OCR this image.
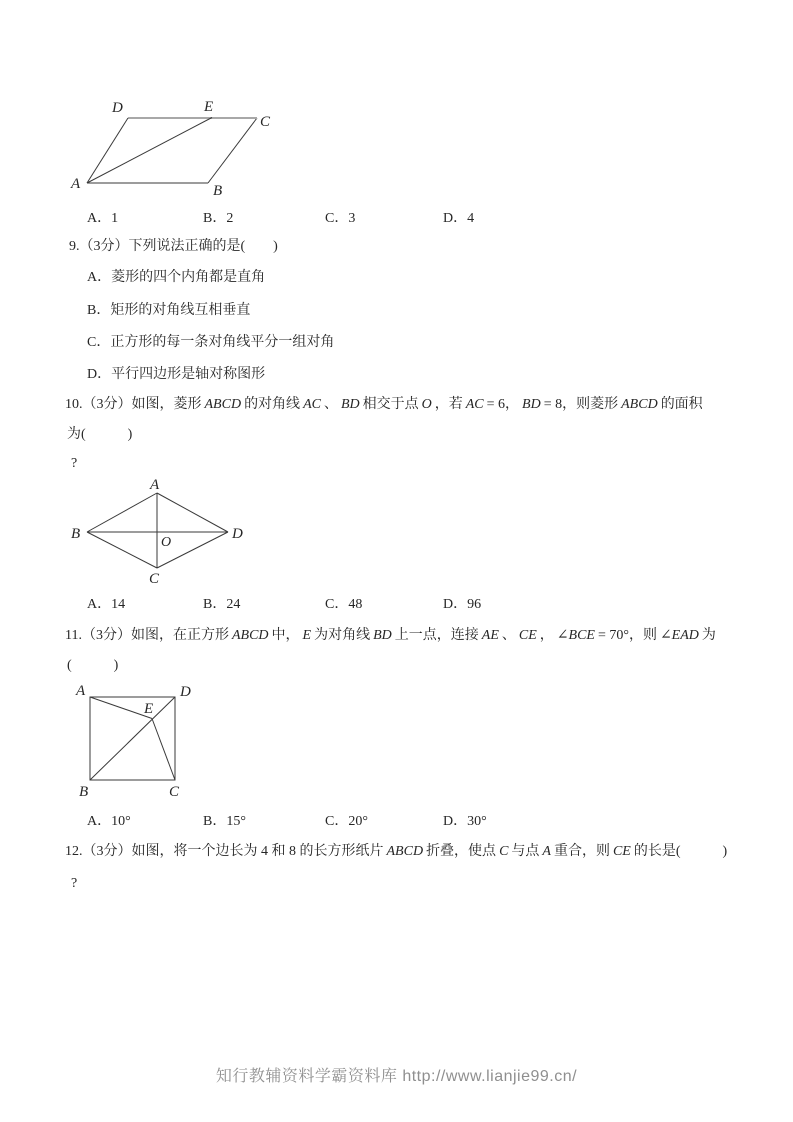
A	B
C
D	E
A．1	B．2	C．3	D．4
9.（3分）下列说法正确的是(　　)
A．菱形的四个内角都是直角
B．矩形的对角线互相垂直
C．正方形的每一条对角线平分一组对角
D．平行四边形是轴对称图形
10.（3分）如图，菱形 ABCD 的对角线 AC 、 BD 相交于点 O ，若 AC = 6， BD = 8，则菱形 ABCD 的面积
为(　　　)
?
A
B
C
D
O
A．14	B．24	C．48	D．96
11.（3分）如图，在正方形 ABCD 中， E 为对角线 BD 上一点，连接 AE 、 CE ， ∠BCE = 70°，则 ∠EAD 为
(　　　)
A	D
B	C
E
A．10°	B．15°	C．20°	D．30°
12.（3分）如图，将一个边长为 4 和 8 的长方形纸片 ABCD 折叠，使点 C 与点 A 重合，则 CE 的长是(　　　)
?
知行教辅资料学霸资料库 http://www.lianjie99.cn/
